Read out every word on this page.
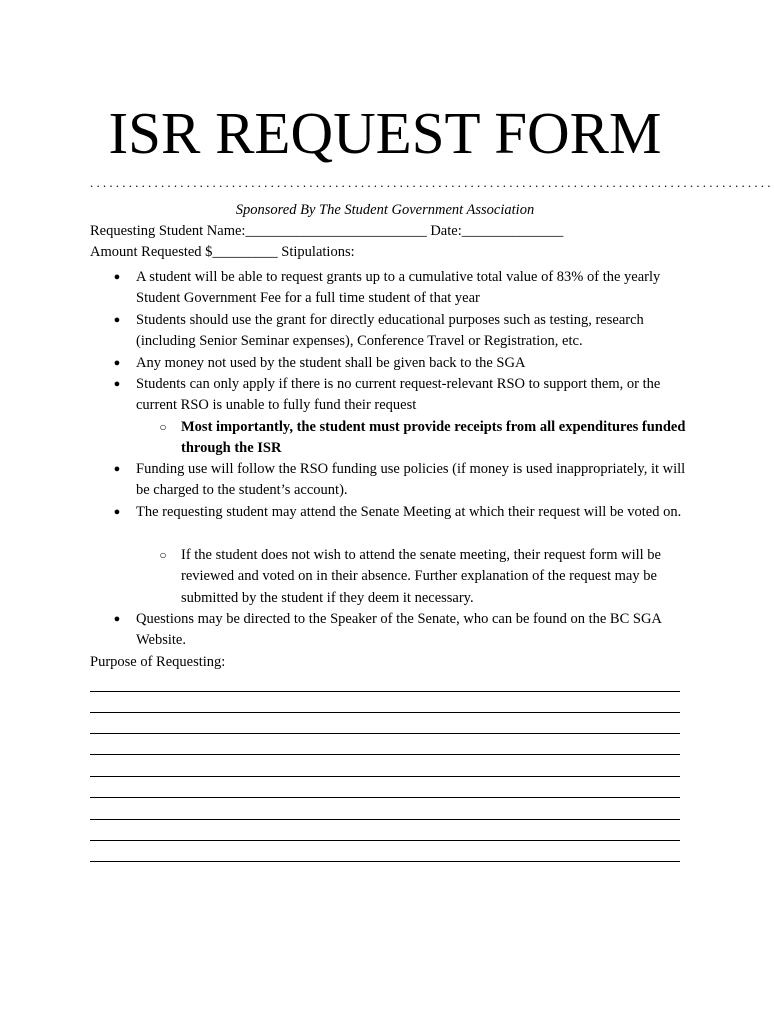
ISR REQUEST FORM
..........................................................................................................
Sponsored By The Student Government Association
Requesting Student Name:_________________________ Date:______________
Amount Requested $_________ Stipulations:
● A student will be able to request grants up to a cumulative total value of 83% of the yearly Student Government Fee for a full time student of that year
● Students should use the grant for directly educational purposes such as testing, research (including Senior Seminar expenses), Conference Travel or Registration, etc.
● Any money not used by the student shall be given back to the SGA
● Students can only apply if there is no current request-relevant RSO to support them, or the current RSO is unable to fully fund their request
○ Most importantly, the student must provide receipts from all expenditures funded through the ISR
● Funding use will follow the RSO funding use policies (if money is used inappropriately, it will be charged to the student’s account).
● The requesting student may attend the Senate Meeting at which their request will be voted on.
○ If the student does not wish to attend the senate meeting, their request form will be reviewed and voted on in their absence. Further explanation of the request may be submitted by the student if they deem it necessary.
● Questions may be directed to the Speaker of the Senate, who can be found on the BC SGA Website.
Purpose of Requesting:
